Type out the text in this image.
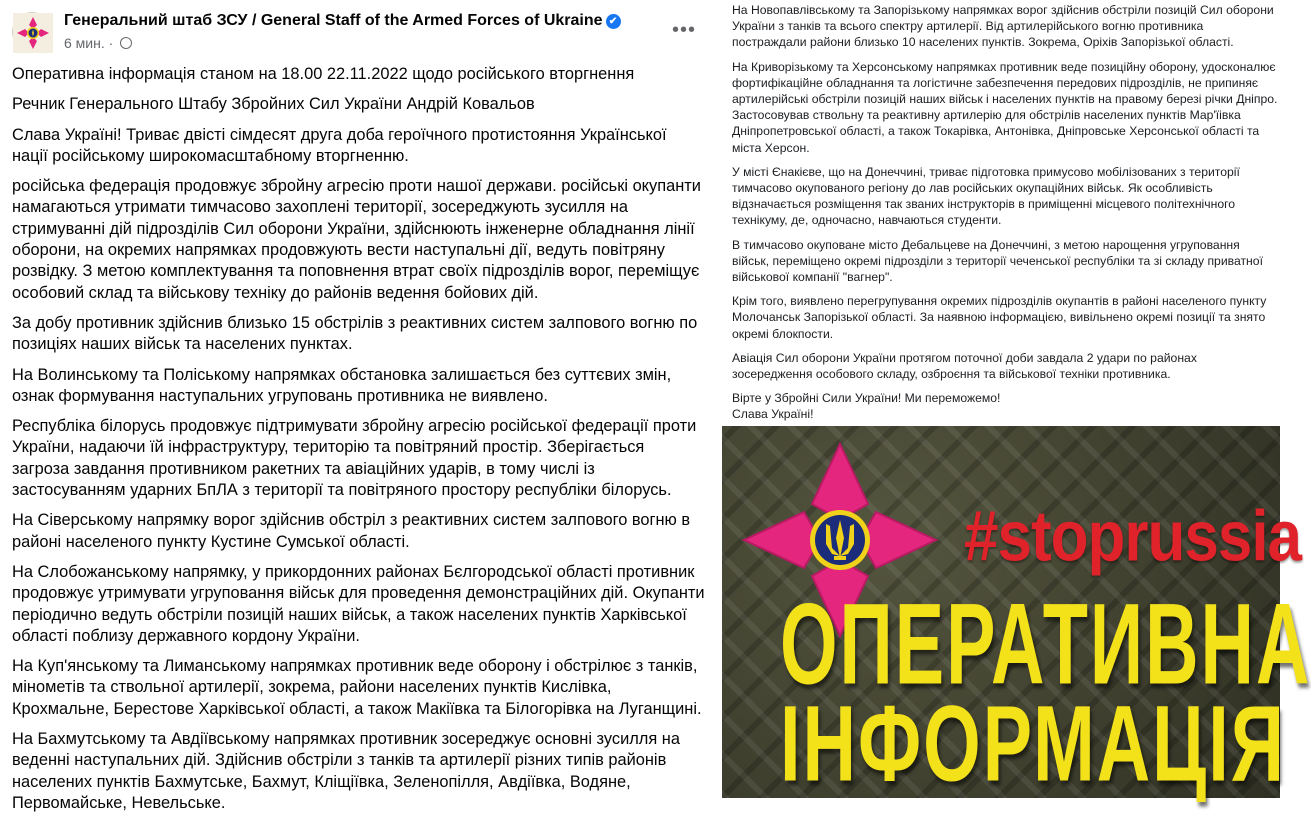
Генеральний штаб ЗСУ / General Staff of the Armed Forces of Ukraine ✔
6 мин. ·
•••

Оперативна інформація станом на 18.00 22.11.2022 щодо російського вторгнення

Речник Генерального Штабу Збройних Сил України Андрій Ковальов

Слава Україні! Триває двісті сімдесят друга доба героїчного протистояння Української нації російському широкомасштабному вторгненню.

російська федерація продовжує збройну агресію проти нашої держави. російські окупанти намагаються утримати тимчасово захоплені території, зосереджують зусилля на стримуванні дій підрозділів Сил оборони України, здійснюють інженерне обладнання лінії оборони, на окремих напрямках продовжують вести наступальні дії, ведуть повітряну розвідку. З метою комплектування та поповнення втрат своїх підрозділів ворог, переміщує особовий склад та військову техніку до районів ведення бойових дій.

За добу противник здійснив близько 15 обстрілів з реактивних систем залпового вогню по позиціях наших військ та населених пунктах.

На Волинському та Поліському напрямках обстановка залишається без суттєвих змін, ознак формування наступальних угруповань противника не виявлено.

Республіка білорусь продовжує підтримувати збройну агресію російської федерації проти України, надаючи їй інфраструктуру, територію та повітряний простір. Зберігається загроза завдання противником ракетних та авіаційних ударів, в тому числі із застосуванням ударних БпЛА з території та повітряного простору республіки білорусь.

На Сіверському напрямку ворог здійснив обстріл з реактивних систем залпового вогню в районі населеного пункту Кустине Сумської області.

На Слобожанському напрямку, у прикордонних районах Бєлгородської області противник продовжує утримувати угруповання військ для проведення демонстраційних дій. Окупанти періодично ведуть обстріли позицій наших військ, а також населених пунктів Харківської області поблизу державного кордону України.

На Куп'янському та Лиманському напрямках противник веде оборону і обстрілює з танків, мінометів та ствольної артилерії, зокрема, райони населених пунктів Кислівка, Крохмальне, Берестове Харківської області, а також Макіївка та Білогорівка на Луганщині.

На Бахмутському та Авдіївському напрямках противник зосереджує основні зусилля на веденні наступальних дій. Здійснив обстріли з танків та артилерії різних типів районів населених пунктів Бахмутське, Бахмут, Кліщіївка, Зеленопілля, Авдіївка, Водяне, Первомайське, Невельське.

На Новопавлівському та Запорізькому напрямках ворог здійснив обстріли позицій Сил оборони України з танків та всього спектру артилерії. Від артилерійського вогню противника постраждали райони близько 10 населених пунктів. Зокрема, Оріхів Запорізької області.

На Криворізькому та Херсонському напрямках противник веде позиційну оборону, удосконалює фортифікаційне обладнання та логістичне забезпечення передових підрозділів, не припиняє артилерійські обстріли позицій наших військ і населених пунктів на правому березі річки Дніпро. Застосовував ствольну та реактивну артилерію для обстрілів населених пунктів Мар'їівка Дніпропетровської області, а також Токарівка, Антонівка, Дніпровське Херсонської області та міста Херсон.

У місті Єнакієве, що на Донеччині, триває підготовка примусово мобілізованих з території тимчасово окупованого регіону до лав російських окупаційних військ. Як особливість відзначається розміщення так званих інструкторів в приміщенні місцевого політехнічного технікуму, де, одночасно, навчаються студенти.

В тимчасово окуповане місто Дебальцеве на Донеччині, з метою нарощення угруповання військ, переміщено окремі підрозділи з території чеченської республіки та зі складу приватної військової компанії "вагнер".

Крім того, виявлено перегрупування окремих підрозділів окупантів в районі населеного пункту Молочанськ Запорізької області. За наявною інформацією, вивільнено окремі позиції та знято окремі блокпости.

Авіація Сил оборони України протягом поточної доби завдала 2 удари по районах зосередження особового складу, озброєння та військової техніки противника.

Вірте у Збройні Сили України! Ми переможемо!

Слава Україні!

#stoprussia
ОПЕРАТИВНА
ІНФОРМАЦІЯ
